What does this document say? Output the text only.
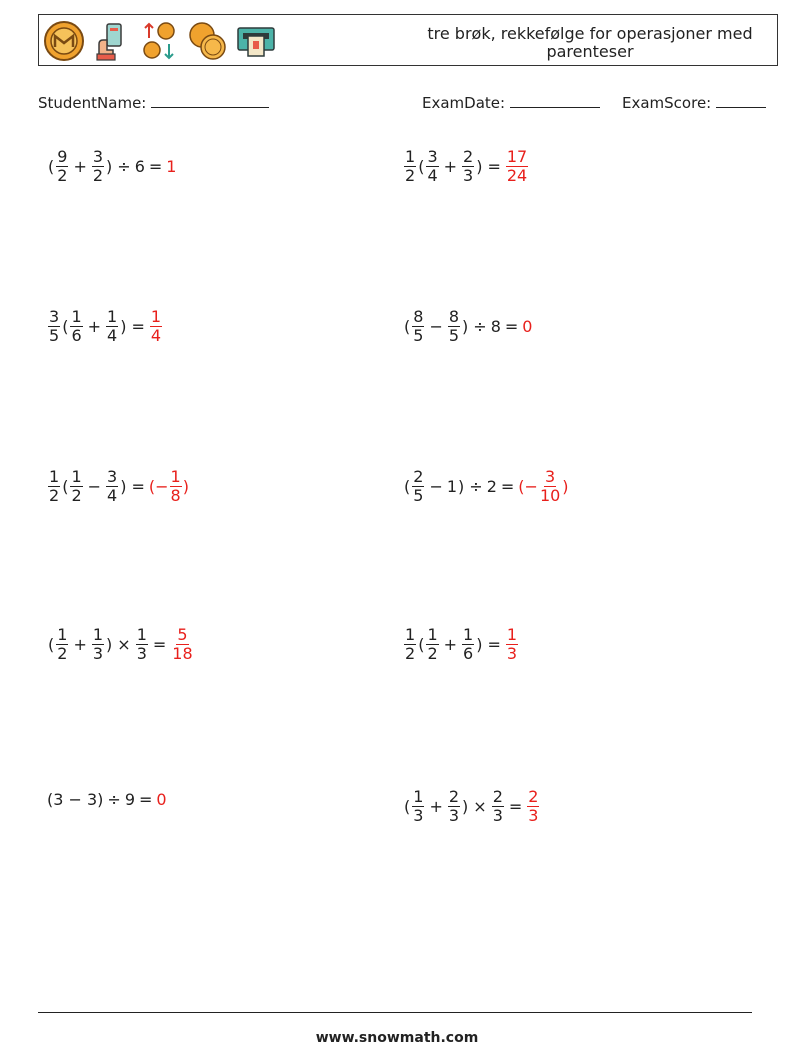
tre brøk, rekkefølge for operasjoner med parenteser
StudentName:	ExamDate:	ExamScore:
( $\frac{9}{2} + \frac{3}{2}$ ) ÷ 6 = 1	$\frac{1}{2}$ ( $\frac{3}{4} + \frac{2}{3}$ ) = $\frac{17}{24}$
$\frac{3}{5}$ ( $\frac{1}{6} + \frac{1}{4}$ ) = $\frac{1}{4}$	( $\frac{8}{5} - \frac{8}{5}$ ) ÷ 8 = 0
$\frac{1}{2}$ ( $\frac{1}{2} - \frac{3}{4}$ ) = (− $\frac{1}{8}$ )	( $\frac{2}{5} - 1$ ) ÷ 2 = (− $\frac{3}{10}$ )
( $\frac{1}{2} + \frac{1}{3}$ ) × $\frac{1}{3} = \frac{5}{18}$	$\frac{1}{2}$ ( $\frac{1}{2} + \frac{1}{6}$ ) = $\frac{1}{3}$
(3 − 3) ÷ 9 = 0	( $\frac{1}{3} + \frac{2}{3}$ ) × $\frac{2}{3} = \frac{2}{3}$
www.snowmath.com
